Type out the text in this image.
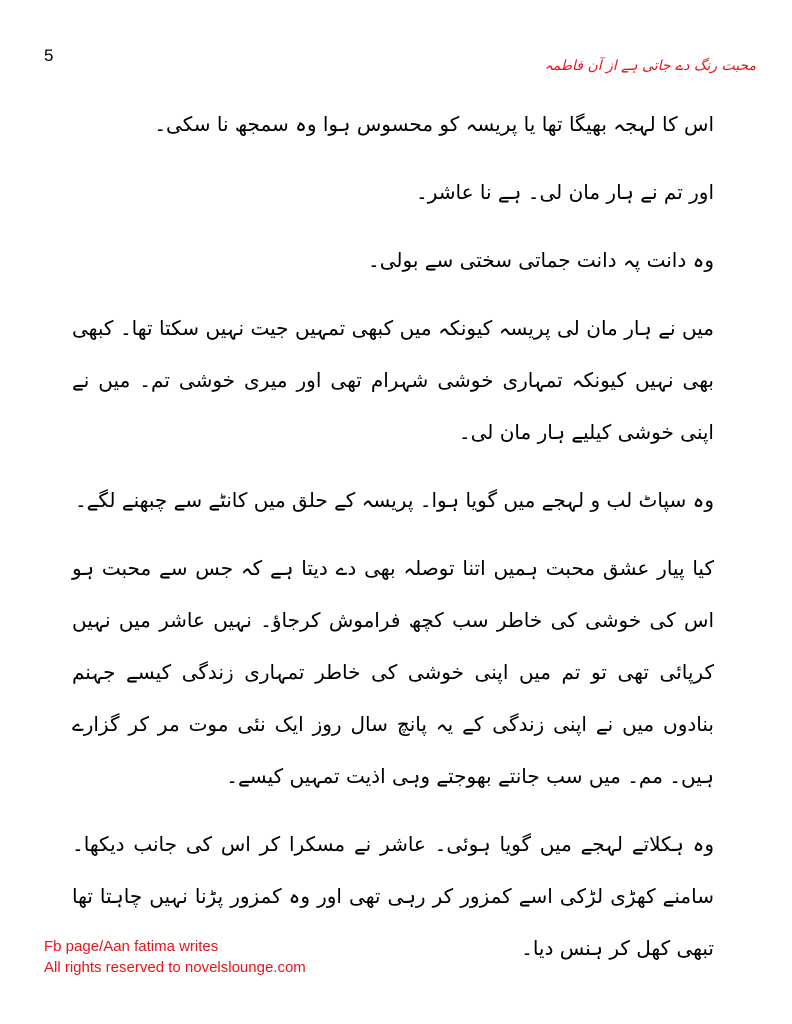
5
محبت رنگ دے جاتی ہے از آن فاطمہ

اس کا لہجہ بھیگا تھا یا پریسہ کو محسوس ہوا وہ سمجھ نا سکی۔

اور تم نے ہار مان لی۔ ہے نا عاشر۔

وہ دانت پہ دانت جماتی سختی سے بولی۔

میں نے ہار مان لی پریسہ کیونکہ میں کبھی تمہیں جیت نہیں سکتا تھا۔ کبھی بھی نہیں کیونکہ تمہاری خوشی شہرام تھی اور میری خوشی تم۔ میں نے اپنی خوشی کیلیے ہار مان لی۔

وہ سپاٹ لب و لہجے میں گویا ہوا۔ پریسہ کے حلق میں کانٹے سے چبھنے لگے۔

کیا پیار عشق محبت ہمیں اتنا توصلہ بھی دے دیتا ہے کہ جس سے محبت ہو اس کی خوشی کی خاطر سب کچھ فراموش کرجاؤ۔ نہیں عاشر میں نہیں کرپائی تھی تو تم میں اپنی خوشی کی خاطر تمہاری زندگی کیسے جہنم بنادوں میں نے اپنی زندگی کے یہ پانچ سال روز ایک نئی موت مر کر گزارے ہیں۔ مم۔ میں سب جانتے بھوجتے وہی اذیت تمہیں کیسے۔

وہ ہکلاتے لہجے میں گویا ہوئی۔ عاشر نے مسکرا کر اس کی جانب دیکھا۔ سامنے کھڑی لڑکی اسے کمزور کر رہی تھی اور وہ کمزور پڑنا نہیں چاہتا تھا تبھی کھل کر ہنس دیا۔

Fb page/Aan fatima writes
All rights reserved to novelslounge.com
